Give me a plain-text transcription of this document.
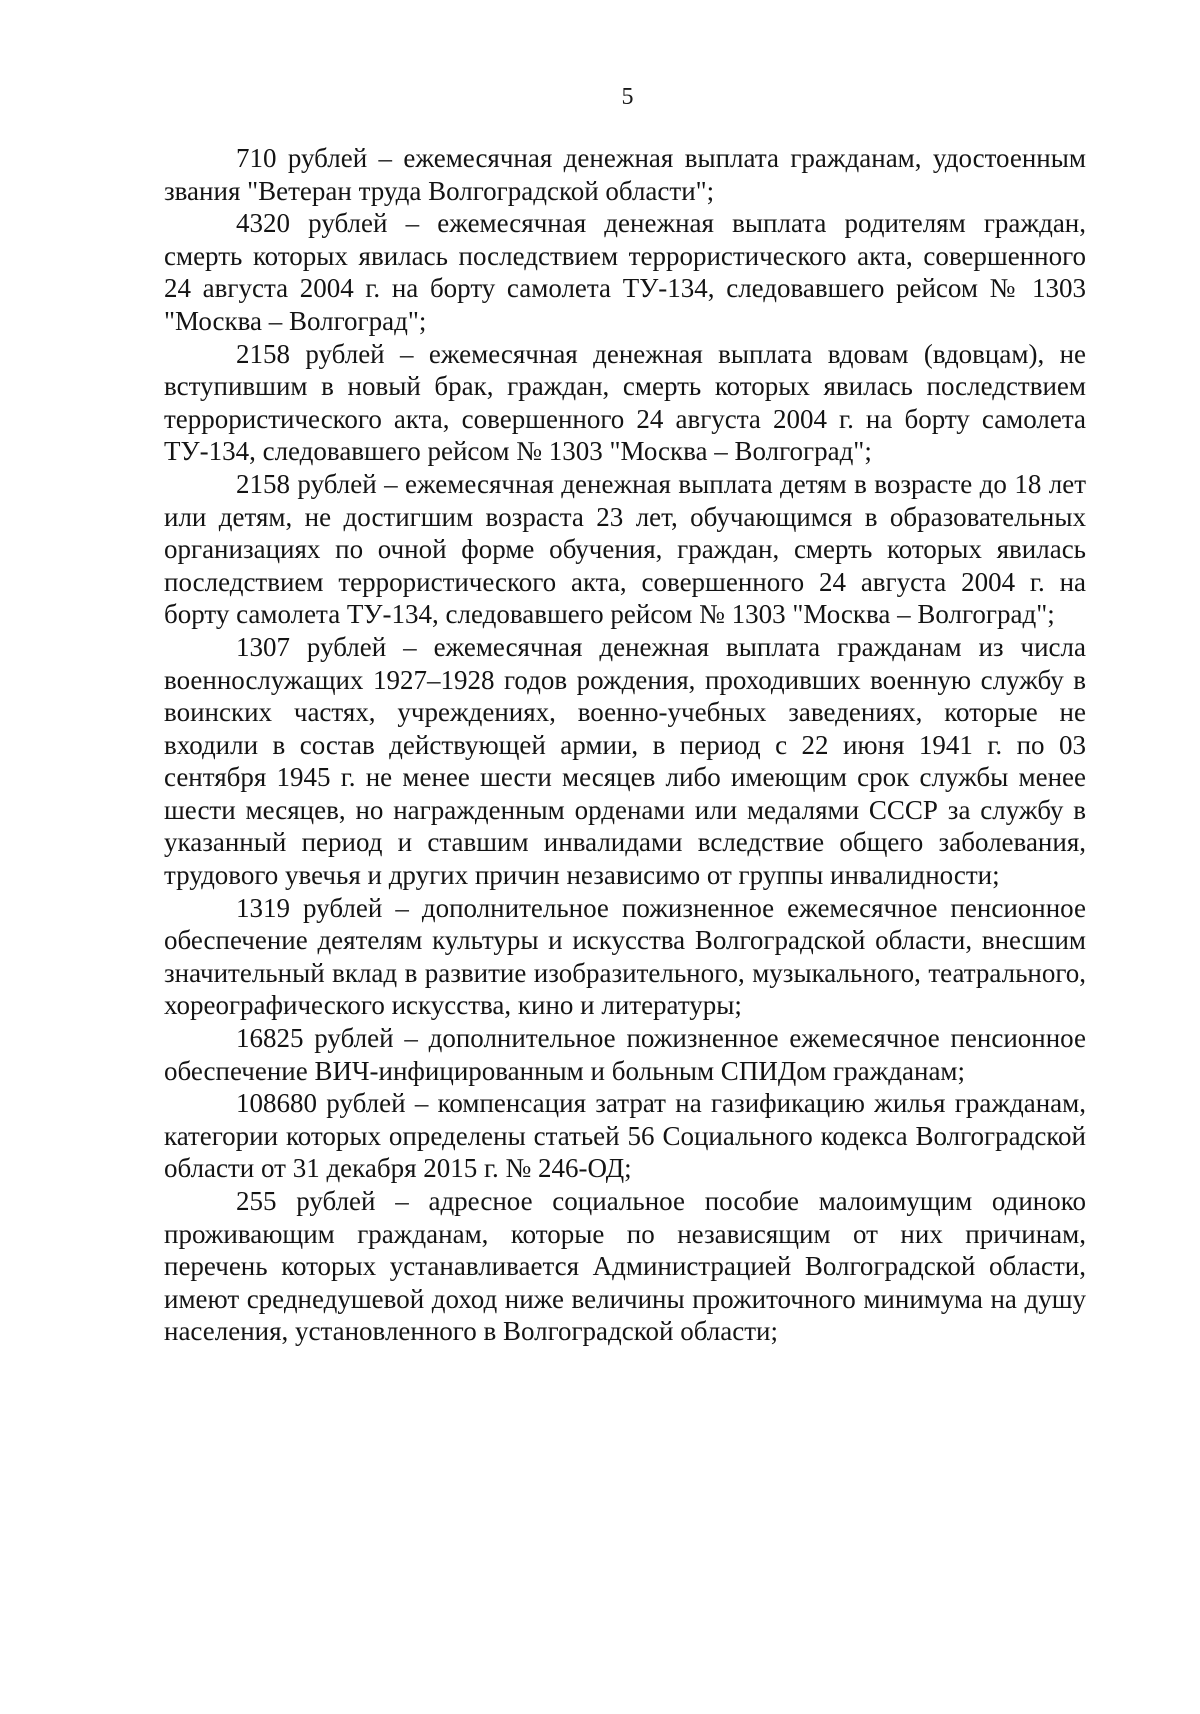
5

710 рублей – ежемесячная денежная выплата гражданам, удостоенным звания "Ветеран труда Волгоградской области";

4320 рублей – ежемесячная денежная выплата родителям граждан, смерть которых явилась последствием террористического акта, совершенного 24 августа 2004 г. на борту самолета ТУ-134, следовавшего рейсом № 1303 "Москва – Волгоград";

2158 рублей – ежемесячная денежная выплата вдовам (вдовцам), не вступившим в новый брак, граждан, смерть которых явилась последствием террористического акта, совершенного 24 августа 2004 г. на борту самолета ТУ-134, следовавшего рейсом № 1303 "Москва – Волгоград";

2158 рублей – ежемесячная денежная выплата детям в возрасте до 18 лет или детям, не достигшим возраста 23 лет, обучающимся в образовательных организациях по очной форме обучения, граждан, смерть которых явилась последствием террористического акта, совершенного 24 августа 2004 г. на борту самолета ТУ-134, следовавшего рейсом № 1303 "Москва – Волгоград";

1307 рублей – ежемесячная денежная выплата гражданам из числа военнослужащих 1927–1928 годов рождения, проходивших военную службу в воинских частях, учреждениях, военно-учебных заведениях, которые не входили в состав действующей армии, в период с 22 июня 1941 г. по 03 сентября 1945 г. не менее шести месяцев либо имеющим срок службы менее шести месяцев, но награжденным орденами или медалями СССР за службу в указанный период и ставшим инвалидами вследствие общего заболевания, трудового увечья и других причин независимо от группы инвалидности;

1319 рублей – дополнительное пожизненное ежемесячное пенсионное обеспечение деятелям культуры и искусства Волгоградской области, внесшим значительный вклад в развитие изобразительного, музыкального, театрального, хореографического искусства, кино и литературы;

16825 рублей – дополнительное пожизненное ежемесячное пенсионное обеспечение ВИЧ-инфицированным и больным СПИДом гражданам;

108680 рублей – компенсация затрат на газификацию жилья гражданам, категории которых определены статьей 56 Социального кодекса Волгоградской области от 31 декабря 2015 г. № 246-ОД;

255 рублей – адресное социальное пособие малоимущим одиноко проживающим гражданам, которые по независящим от них причинам, перечень которых устанавливается Администрацией Волгоградской области, имеют среднедушевой доход ниже величины прожиточного минимума на душу населения, установленного в Волгоградской области;
